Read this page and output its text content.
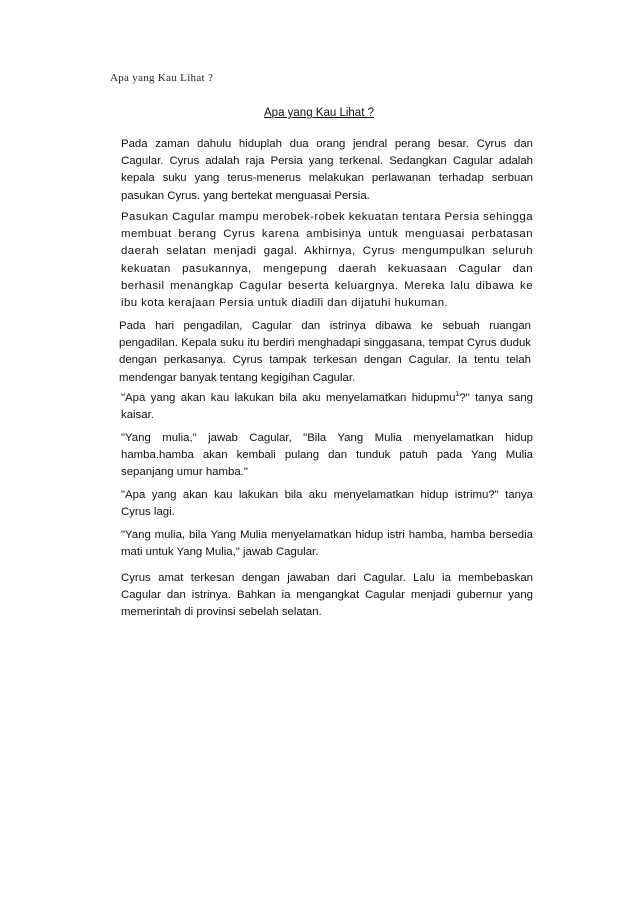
Apa yang Kau Lihat ?
Apa yang Kau Lihat ?

Pada zaman dahulu hiduplah dua orang jendral perang besar. Cyrus dan Cagular. Cyrus adalah raja Persia yang terkenal. Sedangkan Cagular adalah kepala suku yang terus-menerus melakukan perlawanan terhadap serbuan pasukan Cyrus. yang bertekat menguasai Persia.

Pasukan Cagular mampu merobek-robek kekuatan tentara Persia sehingga membuat berang Cyrus karena ambisinya untuk menguasai perbatasan daerah selatan menjadi gagal. Akhirnya, Cyrus mengumpulkan seluruh kekuatan pasukannya, mengepung daerah kekuasaan Cagular dan berhasil menangkap Cagular beserta keluargnya. Mereka lalu dibawa ke ibu kota kerajaan Persia untuk diadili dan dijatuhi hukuman.

Pada hari pengadilan, Cagular dan istrinya dibawa ke sebuah ruangan pengadilan. Kepala suku itu berdiri menghadapi singgasana, tempat Cyrus duduk dengan perkasanya. Cyrus tampak terkesan dengan Cagular. Ia tentu telah mendengar banyak tentang kegigihan Cagular.

"Apa yang akan kau lakukan bila aku menyelamatkan hidupmu$^1$?" tanya sang kaisar.

"Yang mulia," jawab Cagular, "Bila Yang Mulia menyelamatkan hidup hamba.hamba akan kembali pulang dan tunduk patuh pada Yang Mulia sepanjang umur hamba."

"Apa yang akan kau lakukan bila aku menyelamatkan hidup istrimu?" tanya Cyrus lagi.

"Yang mulia, bila Yang Mulia menyelamatkan hidup istri hamba, hamba bersedia mati untuk Yang Mulia," jawab Cagular.

Cyrus amat terkesan dengan jawaban dari Cagular. Lalu ia membebaskan Cagular dan istrinya. Bahkan ia mengangkat Cagular menjadi gubernur yang memerintah di provinsi sebelah selatan.
